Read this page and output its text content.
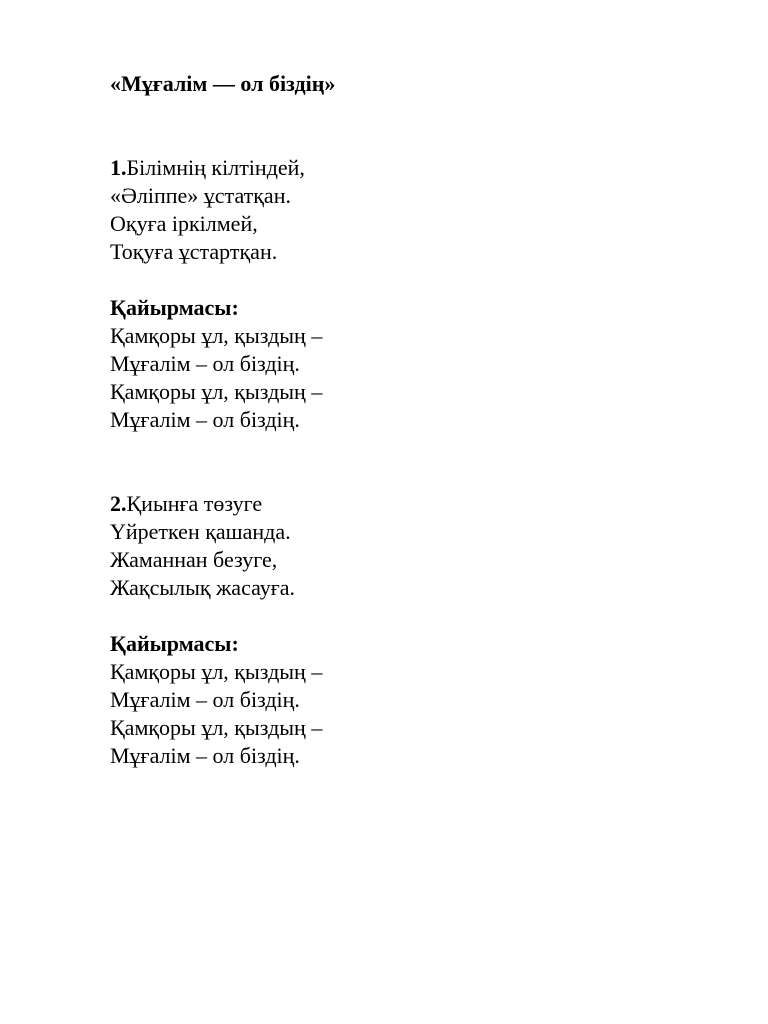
«Мұғалім — ол біздің»

1.Білімнің кілтіндей,

«Әліппе» ұстатқан.

Оқуға іркілмей,

Тоқуға ұстартқан.

Қайырмасы:

Қамқоры ұл, қыздың –

Мұғалім – ол біздің.

Қамқоры ұл, қыздың –

Мұғалім – ол біздің.

2.Қиынға төзуге

Үйреткен қашанда.

Жаманнан безуге,

Жақсылық жасауға.

Қайырмасы:

Қамқоры ұл, қыздың –

Мұғалім – ол біздің.

Қамқоры ұл, қыздың –

Мұғалім – ол біздің.
